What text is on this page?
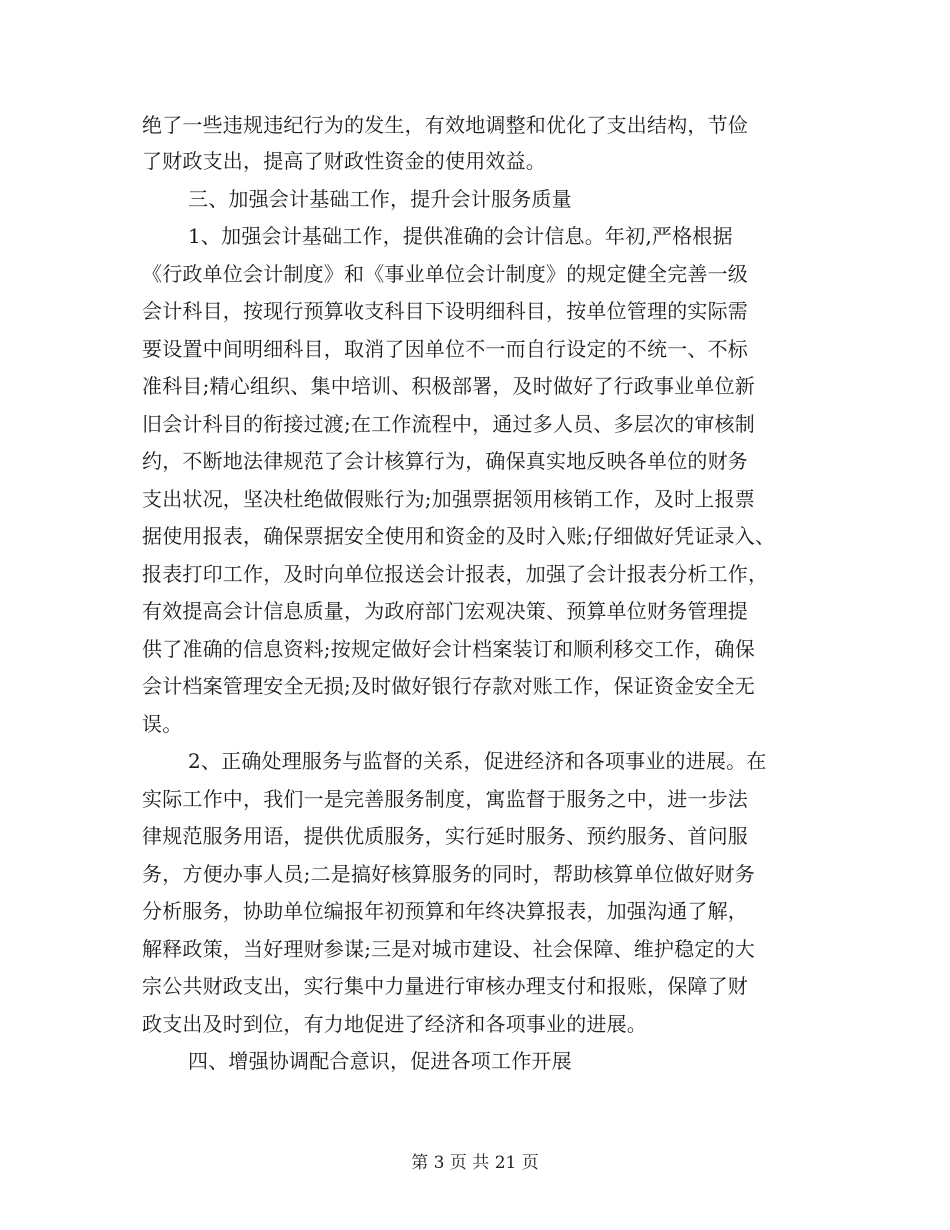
绝了一些违规违纪行为的发生，有效地调整和优化了支出结构，节俭
了财政支出，提高了财政性资金的使用效益。
三、加强会计基础工作，提升会计服务质量
1、加强会计基础工作，提供准确的会计信息。年初,严格根据
《行政单位会计制度》和《事业单位会计制度》的规定健全完善一级
会计科目，按现行预算收支科目下设明细科目，按单位管理的实际需
要设置中间明细科目，取消了因单位不一而自行设定的不统一、不标
准科目;精心组织、集中培训、积极部署，及时做好了行政事业单位新
旧会计科目的衔接过渡;在工作流程中，通过多人员、多层次的审核制
约，不断地法律规范了会计核算行为，确保真实地反映各单位的财务
支出状况，坚决杜绝做假账行为;加强票据领用核销工作，及时上报票
据使用报表，确保票据安全使用和资金的及时入账;仔细做好凭证录入、
报表打印工作，及时向单位报送会计报表，加强了会计报表分析工作，
有效提高会计信息质量，为政府部门宏观决策、预算单位财务管理提
供了准确的信息资料;按规定做好会计档案装订和顺利移交工作，确保
会计档案管理安全无损;及时做好银行存款对账工作，保证资金安全无
误。
2、正确处理服务与监督的关系，促进经济和各项事业的进展。在
实际工作中，我们一是完善服务制度，寓监督于服务之中，进一步法
律规范服务用语，提供优质服务，实行延时服务、预约服务、首问服
务，方便办事人员;二是搞好核算服务的同时，帮助核算单位做好财务
分析服务，协助单位编报年初预算和年终决算报表，加强沟通了解，
解释政策，当好理财参谋;三是对城市建设、社会保障、维护稳定的大
宗公共财政支出，实行集中力量进行审核办理支付和报账，保障了财
政支出及时到位，有力地促进了经济和各项事业的进展。
四、增强协调配合意识，促进各项工作开展
第 3 页 共 21 页
